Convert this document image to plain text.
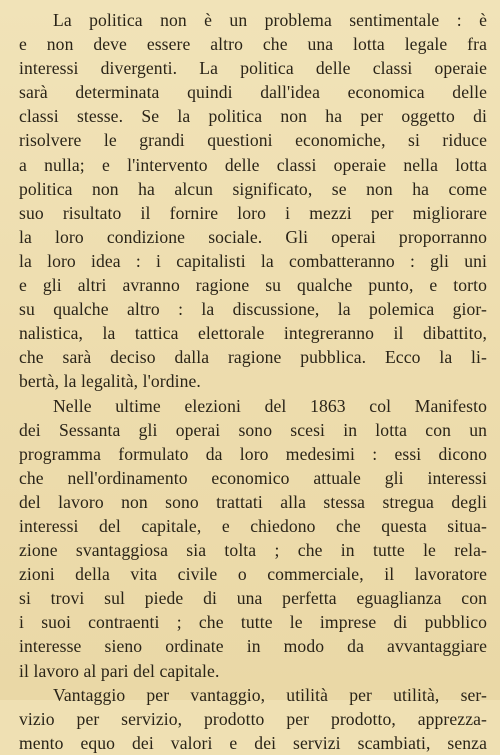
La politica non è un problema sentimentale : è
e non deve essere altro che una lotta legale fra
interessi divergenti. La politica delle classi operaie
sarà determinata quindi dall'idea economica delle
classi stesse. Se la politica non ha per oggetto di
risolvere le grandi questioni economiche, si riduce
a nulla; e l'intervento delle classi operaie nella lotta
politica non ha alcun significato, se non ha come
suo risultato il fornire loro i mezzi per migliorare
la loro condizione sociale. Gli operai proporranno
la loro idea : i capitalisti la combatteranno : gli uni
e gli altri avranno ragione su qualche punto, e torto
su qualche altro : la discussione, la polemica gior-
nalistica, la tattica elettorale integreranno il dibattito,
che sarà deciso dalla ragione pubblica. Ecco la li-
bertà, la legalità, l'ordine.
Nelle ultime elezioni del 1863 col Manifesto
dei Sessanta gli operai sono scesi in lotta con un
programma formulato da loro medesimi : essi dicono
che nell'ordinamento economico attuale gli interessi
del lavoro non sono trattati alla stessa stregua degli
interessi del capitale, e chiedono che questa situa-
zione svantaggiosa sia tolta ; che in tutte le rela-
zioni della vita civile o commerciale, il lavoratore
si trovi sul piede di una perfetta eguaglianza con
i suoi contraenti ; che tutte le imprese di pubblico
interesse sieno ordinate in modo da avvantaggiare
il lavoro al pari del capitale.
Vantaggio per vantaggio, utilità per utilità, ser-
vizio per servizio, prodotto per prodotto, apprezza-
mento equo dei valori e dei servizi scambiati, senza
